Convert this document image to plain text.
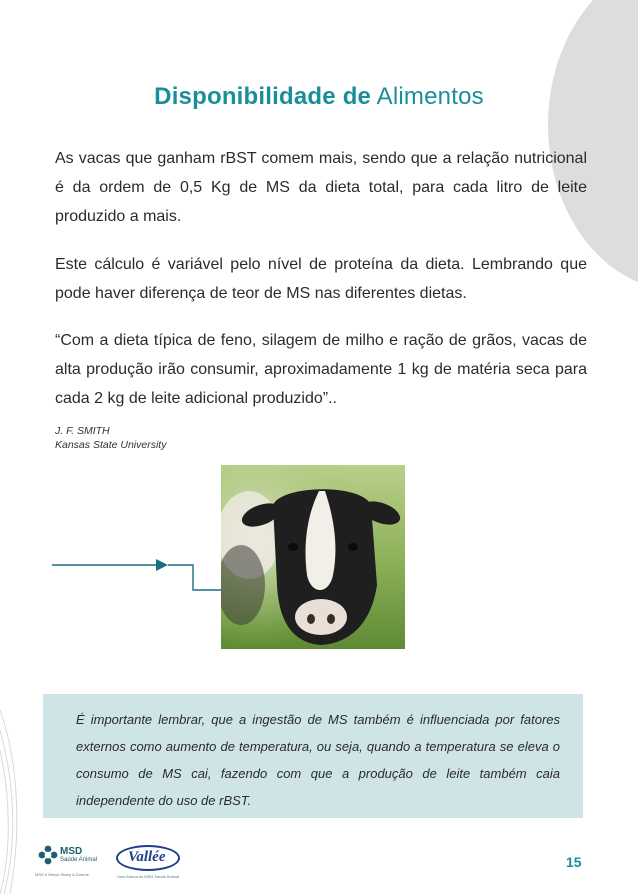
Disponibilidade de Alimentos

As vacas que ganham rBST comem mais, sendo que a relação nutricional é da ordem de 0,5 Kg de MS da dieta total, para cada litro de leite produzido a mais.

Este cálculo é variável pelo nível de proteína da dieta. Lembrando que pode haver diferença de teor de MS nas diferentes dietas.

“Com a dieta típica de feno, silagem de milho e ração de grãos, vacas de alta produção irão consumir, aproximadamente 1 kg de matéria seca para cada 2 kg de leite adicional produzido”..

J. F. SMITH
Kansas State University

É importante lembrar, que a ingestão de MS também é influenciada por fatores externos como aumento de temperatura, ou seja, quando a temperatura se eleva o consumo de MS cai, fazendo com que a produção de leite também caia independente do uso de rBST.

MSD
Saúde Animal
MSD é Merck Sharp & Dohme
Vallée
Uma Marca do MSD Saúde Animal
15
